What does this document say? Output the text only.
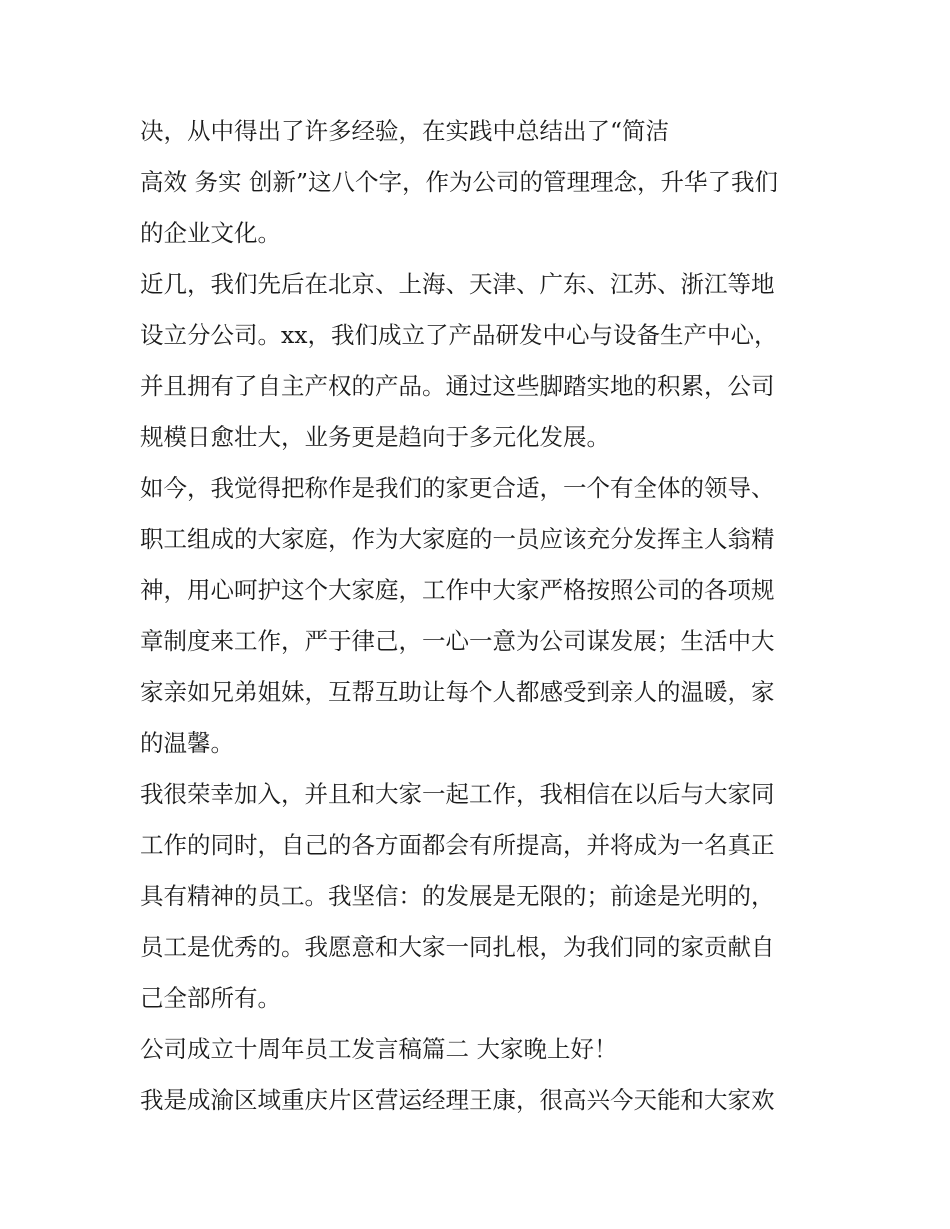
决，从中得出了许多经验，在实践中总结出了“简洁

高效 务实 创新”这八个字，作为公司的管理理念，升华了我们

的企业文化。

近几，我们先后在北京、上海、天津、广东、江苏、浙江等地

设立分公司。xx，我们成立了产品研发中心与设备生产中心，

并且拥有了自主产权的产品。通过这些脚踏实地的积累，公司

规模日愈壮大，业务更是趋向于多元化发展。

如今，我觉得把称作是我们的家更合适，一个有全体的领导、

职工组成的大家庭，作为大家庭的一员应该充分发挥主人翁精

神，用心呵护这个大家庭，工作中大家严格按照公司的各项规

章制度来工作，严于律己，一心一意为公司谋发展；生活中大

家亲如兄弟姐妹，互帮互助让每个人都感受到亲人的温暖，家

的温馨。

我很荣幸加入，并且和大家一起工作，我相信在以后与大家同

工作的同时，自己的各方面都会有所提高，并将成为一名真正

具有精神的员工。我坚信：的发展是无限的；前途是光明的，

员工是优秀的。我愿意和大家一同扎根，为我们同的家贡献自

己全部所有。

公司成立十周年员工发言稿篇二 大家晚上好！

我是成渝区域重庆片区营运经理王康，很高兴今天能和大家欢
